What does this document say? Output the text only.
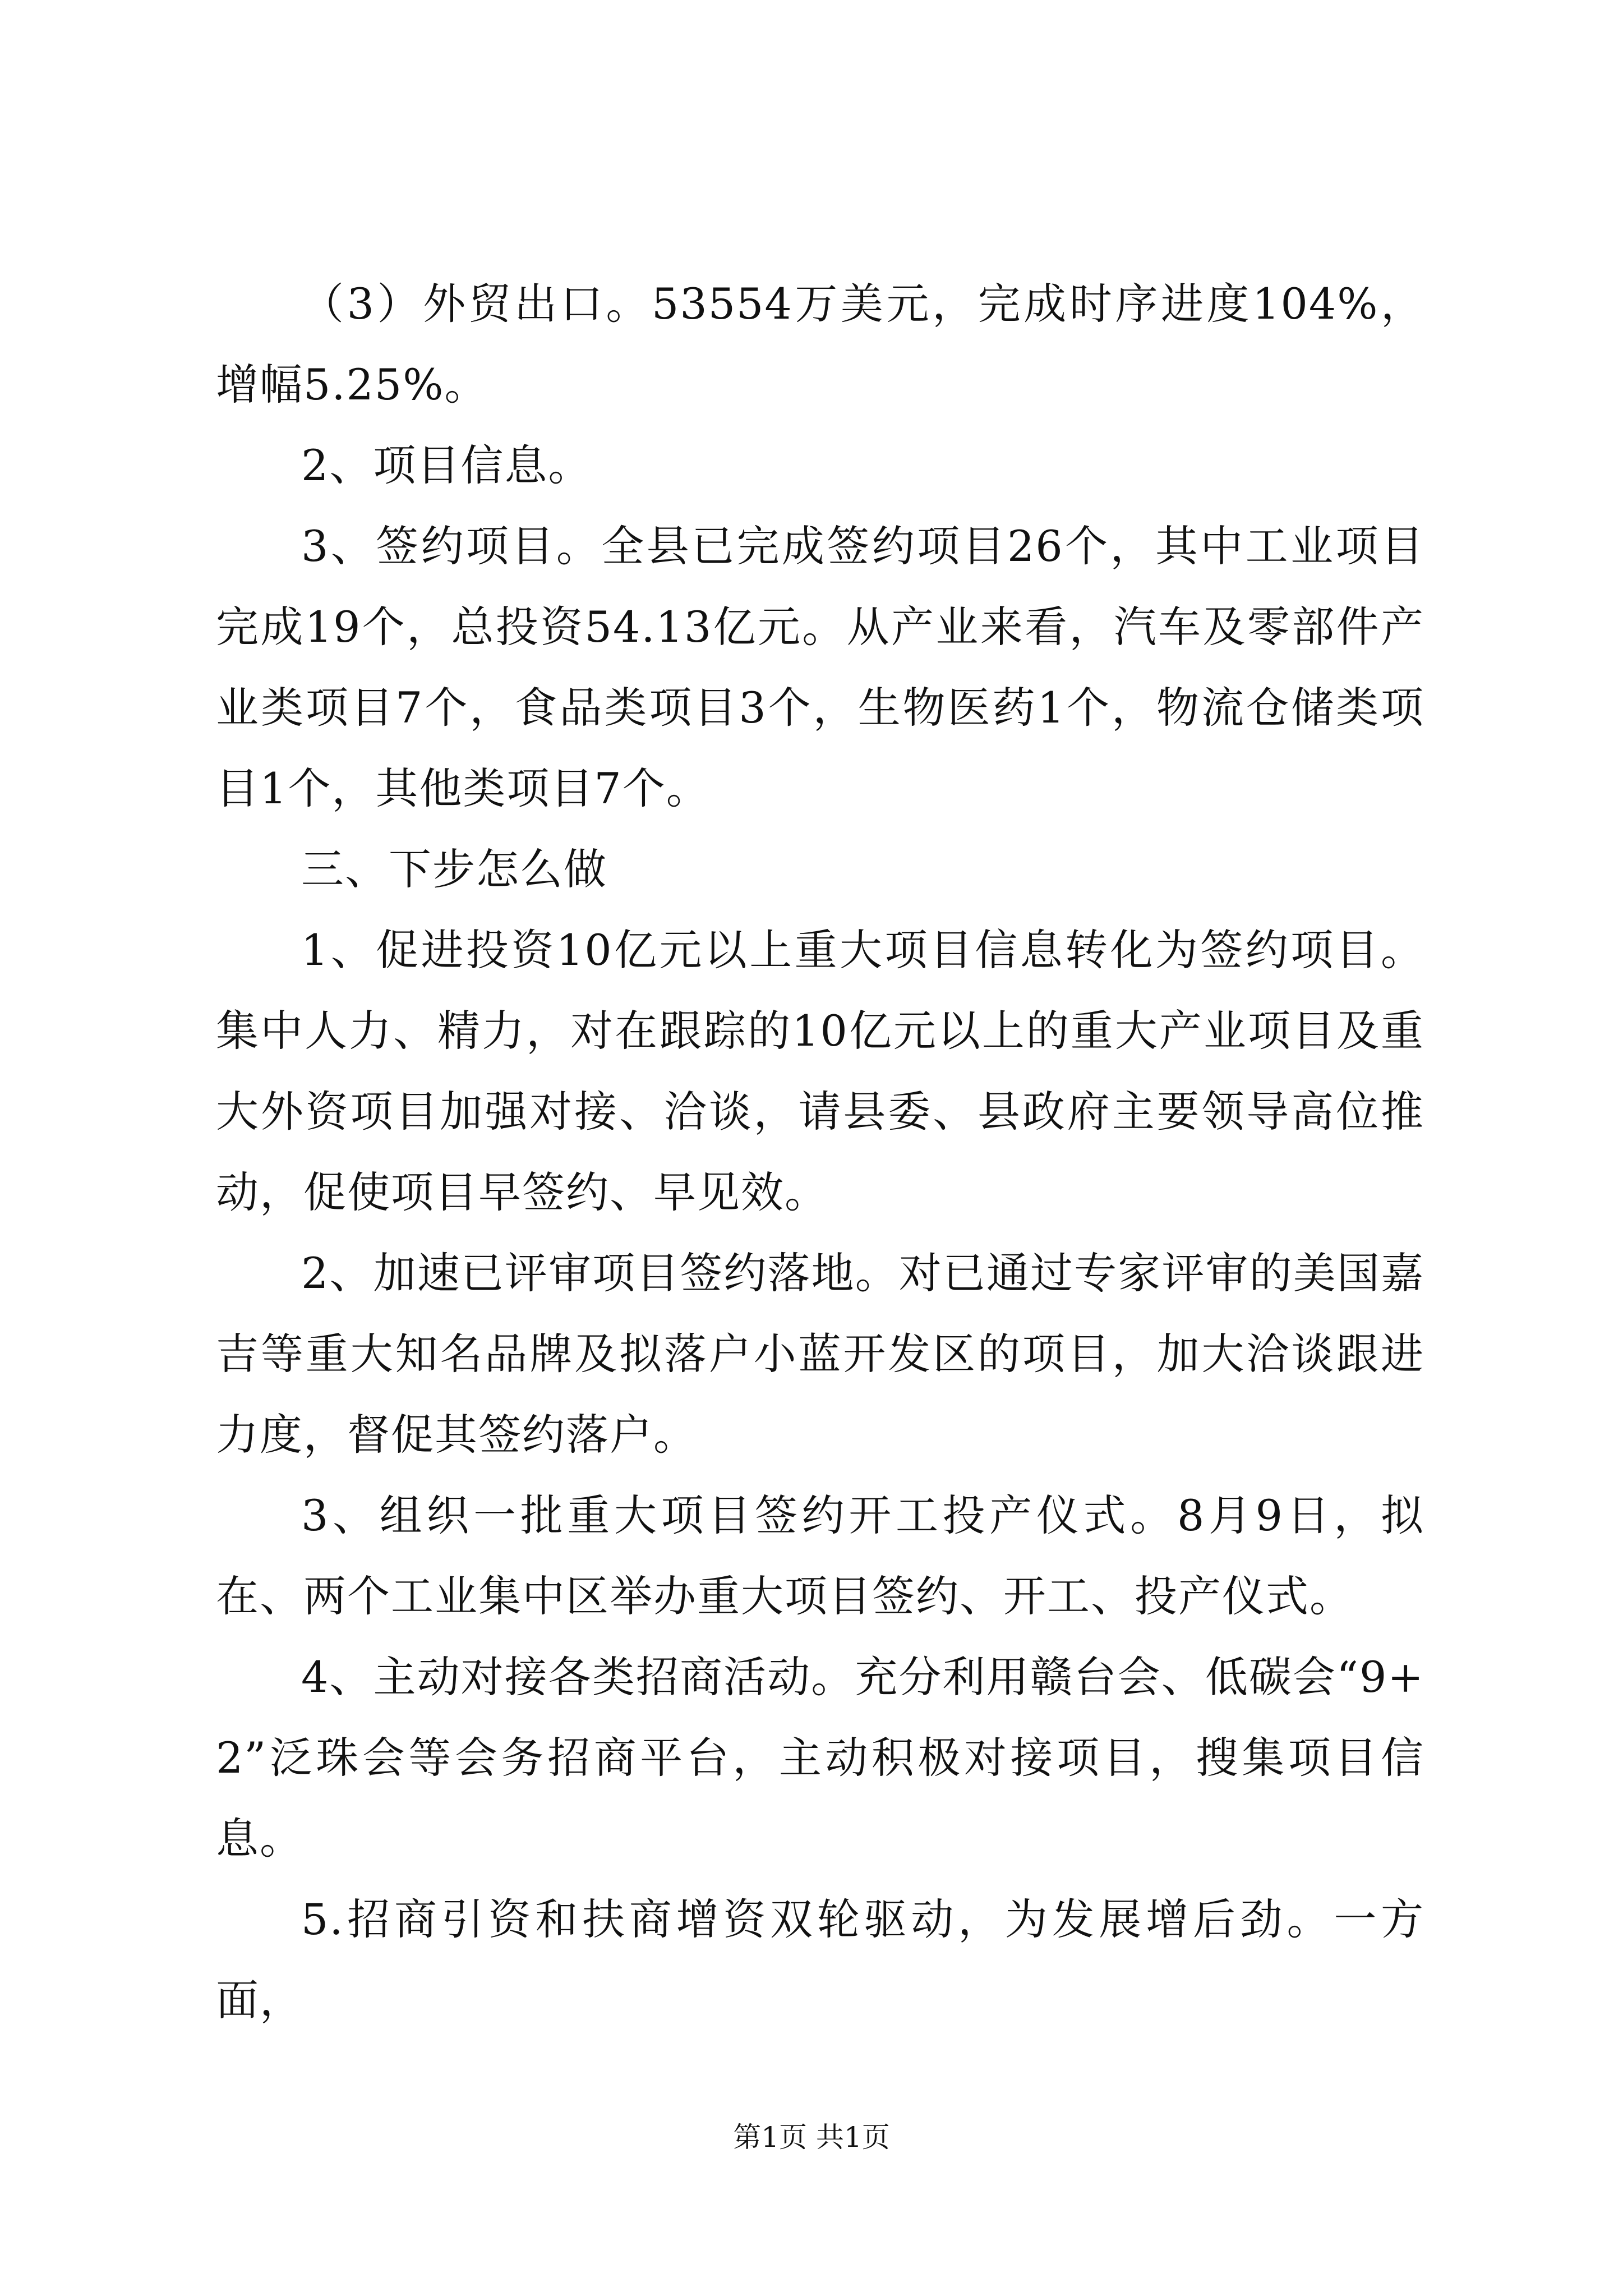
（3）外贸出口。53554万美元，完成时序进度104%，增幅5.25%。

2、项目信息。

3、签约项目。全县已完成签约项目26个，其中工业项目完成19个，总投资54.13亿元。从产业来看，汽车及零部件产业类项目7个，食品类项目3个，生物医药1个，物流仓储类项目1个，其他类项目7个。

三、下步怎么做

1、促进投资10亿元以上重大项目信息转化为签约项目。集中人力、精力，对在跟踪的10亿元以上的重大产业项目及重大外资项目加强对接、洽谈，请县委、县政府主要领导高位推动，促使项目早签约、早见效。

2、加速已评审项目签约落地。对已通过专家评审的美国嘉吉等重大知名品牌及拟落户小蓝开发区的项目，加大洽谈跟进力度，督促其签约落户。

3、组织一批重大项目签约开工投产仪式。8月9日，拟在、两个工业集中区举办重大项目签约、开工、投产仪式。

4、主动对接各类招商活动。充分利用赣台会、低碳会“9+2”泛珠会等会务招商平台，主动积极对接项目，搜集项目信息。

5.招商引资和扶商增资双轮驱动，为发展增后劲。一方面，

第1页 共1页
